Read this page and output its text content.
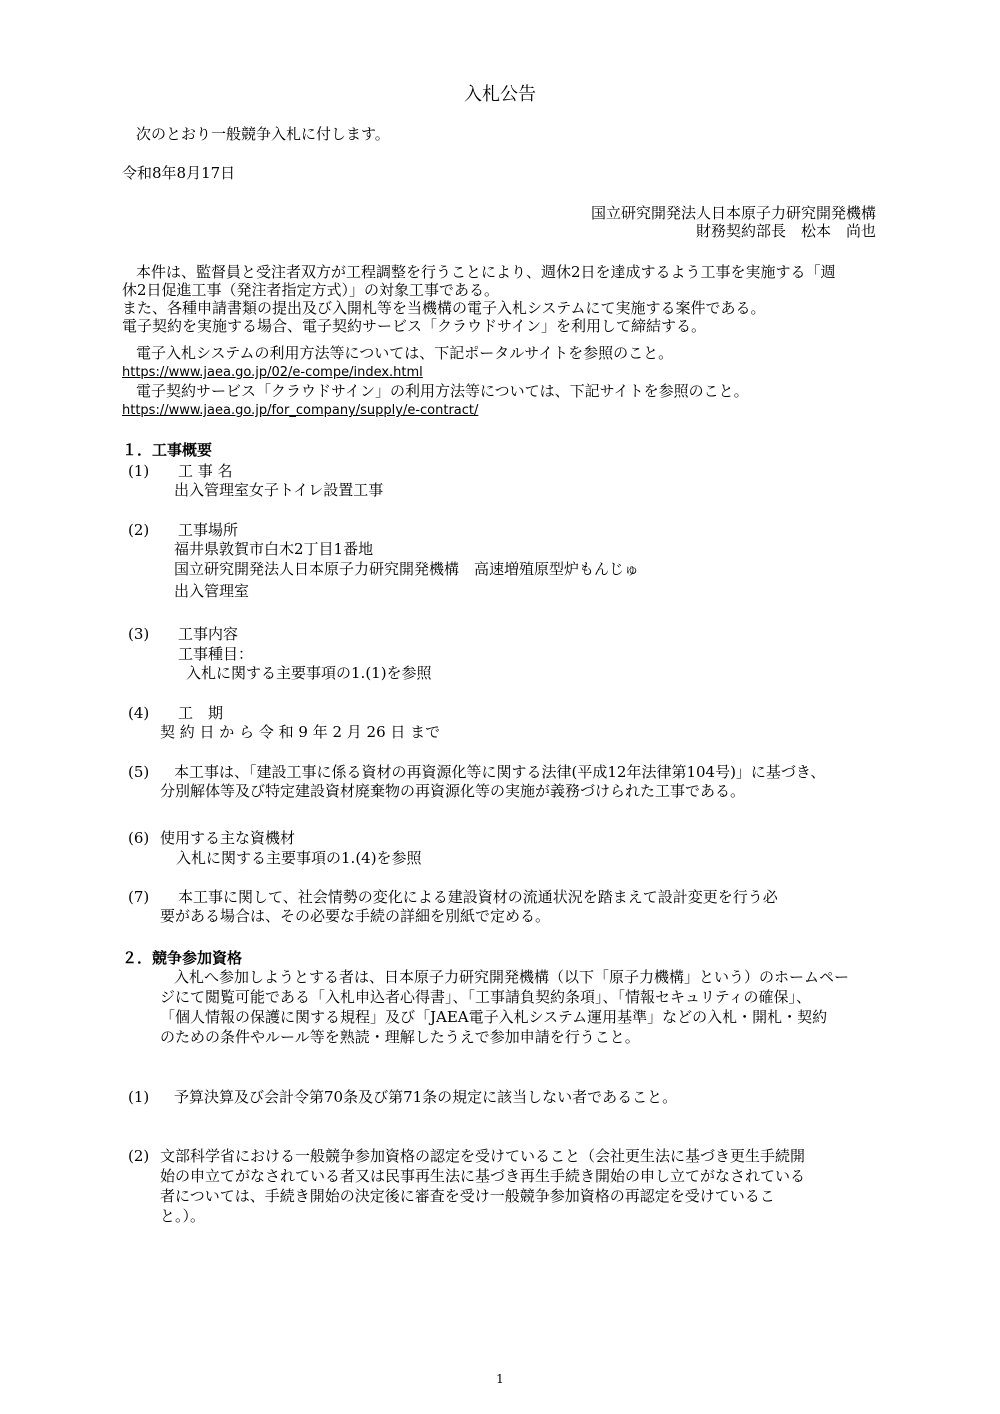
入札公告
次のとおり一般競争入札に付します。
令和8年8月17日
国立研究開発法人日本原子力研究開発機構
財務契約部長　松本　尚也
本件は、監督員と受注者双方が工程調整を行うことにより、週休2日を達成するよう工事を実施する「週
休2日促進工事（発注者指定方式）」の対象工事である。
また、各種申請書類の提出及び入開札等を当機構の電子入札システムにて実施する案件である。
電子契約を実施する場合、電子契約サービス「クラウドサイン」を利用して締結する。
電子入札システムの利用方法等については、下記ポータルサイトを参照のこと。
https://www.jaea.go.jp/02/e-compe/index.html
電子契約サービス「クラウドサイン」の利用方法等については、下記サイトを参照のこと。
https://www.jaea.go.jp/for_company/supply/e-contract/
１．工事概要
(1) 工 事 名
出入管理室女子トイレ設置工事
(2) 工事場所
福井県敦賀市白木2丁目1番地
国立研究開発法人日本原子力研究開発機構　高速増殖原型炉もんじゅ
出入管理室
(3) 工事内容
工事種目：
入札に関する主要事項の1.(1)を参照
(4) 工　期
契 約 日 か ら 令 和 9 年 2 月 26 日 まで
(5) 本工事は、「建設工事に係る資材の再資源化等に関する法律(平成12年法律第104号)」に基づき、
分別解体等及び特定建設資材廃棄物の再資源化等の実施が義務づけられた工事である。
(6) 使用する主な資機材
入札に関する主要事項の1.(4)を参照
(7) 本工事に関して、社会情勢の変化による建設資材の流通状況を踏まえて設計変更を行う必
要がある場合は、その必要な手続の詳細を別紙で定める。
２．競争参加資格
入札へ参加しようとする者は、日本原子力研究開発機構（以下「原子力機構」という）のホームペー
ジにて閲覧可能である「入札申込者心得書」、「工事請負契約条項」、「情報セキュリティの確保」、
「個人情報の保護に関する規程」及び「JAEA電子入札システム運用基準」などの入札・開札・契約
のための条件やルール等を熟読・理解したうえで参加申請を行うこと。
(1) 予算決算及び会計令第70条及び第71条の規定に該当しない者であること。
(2) 文部科学省における一般競争参加資格の認定を受けていること（会社更生法に基づき更生手続開
始の申立てがなされている者又は民事再生法に基づき再生手続き開始の申し立てがなされている
者については、手続き開始の決定後に審査を受け一般競争参加資格の再認定を受けているこ
と。）。
1
